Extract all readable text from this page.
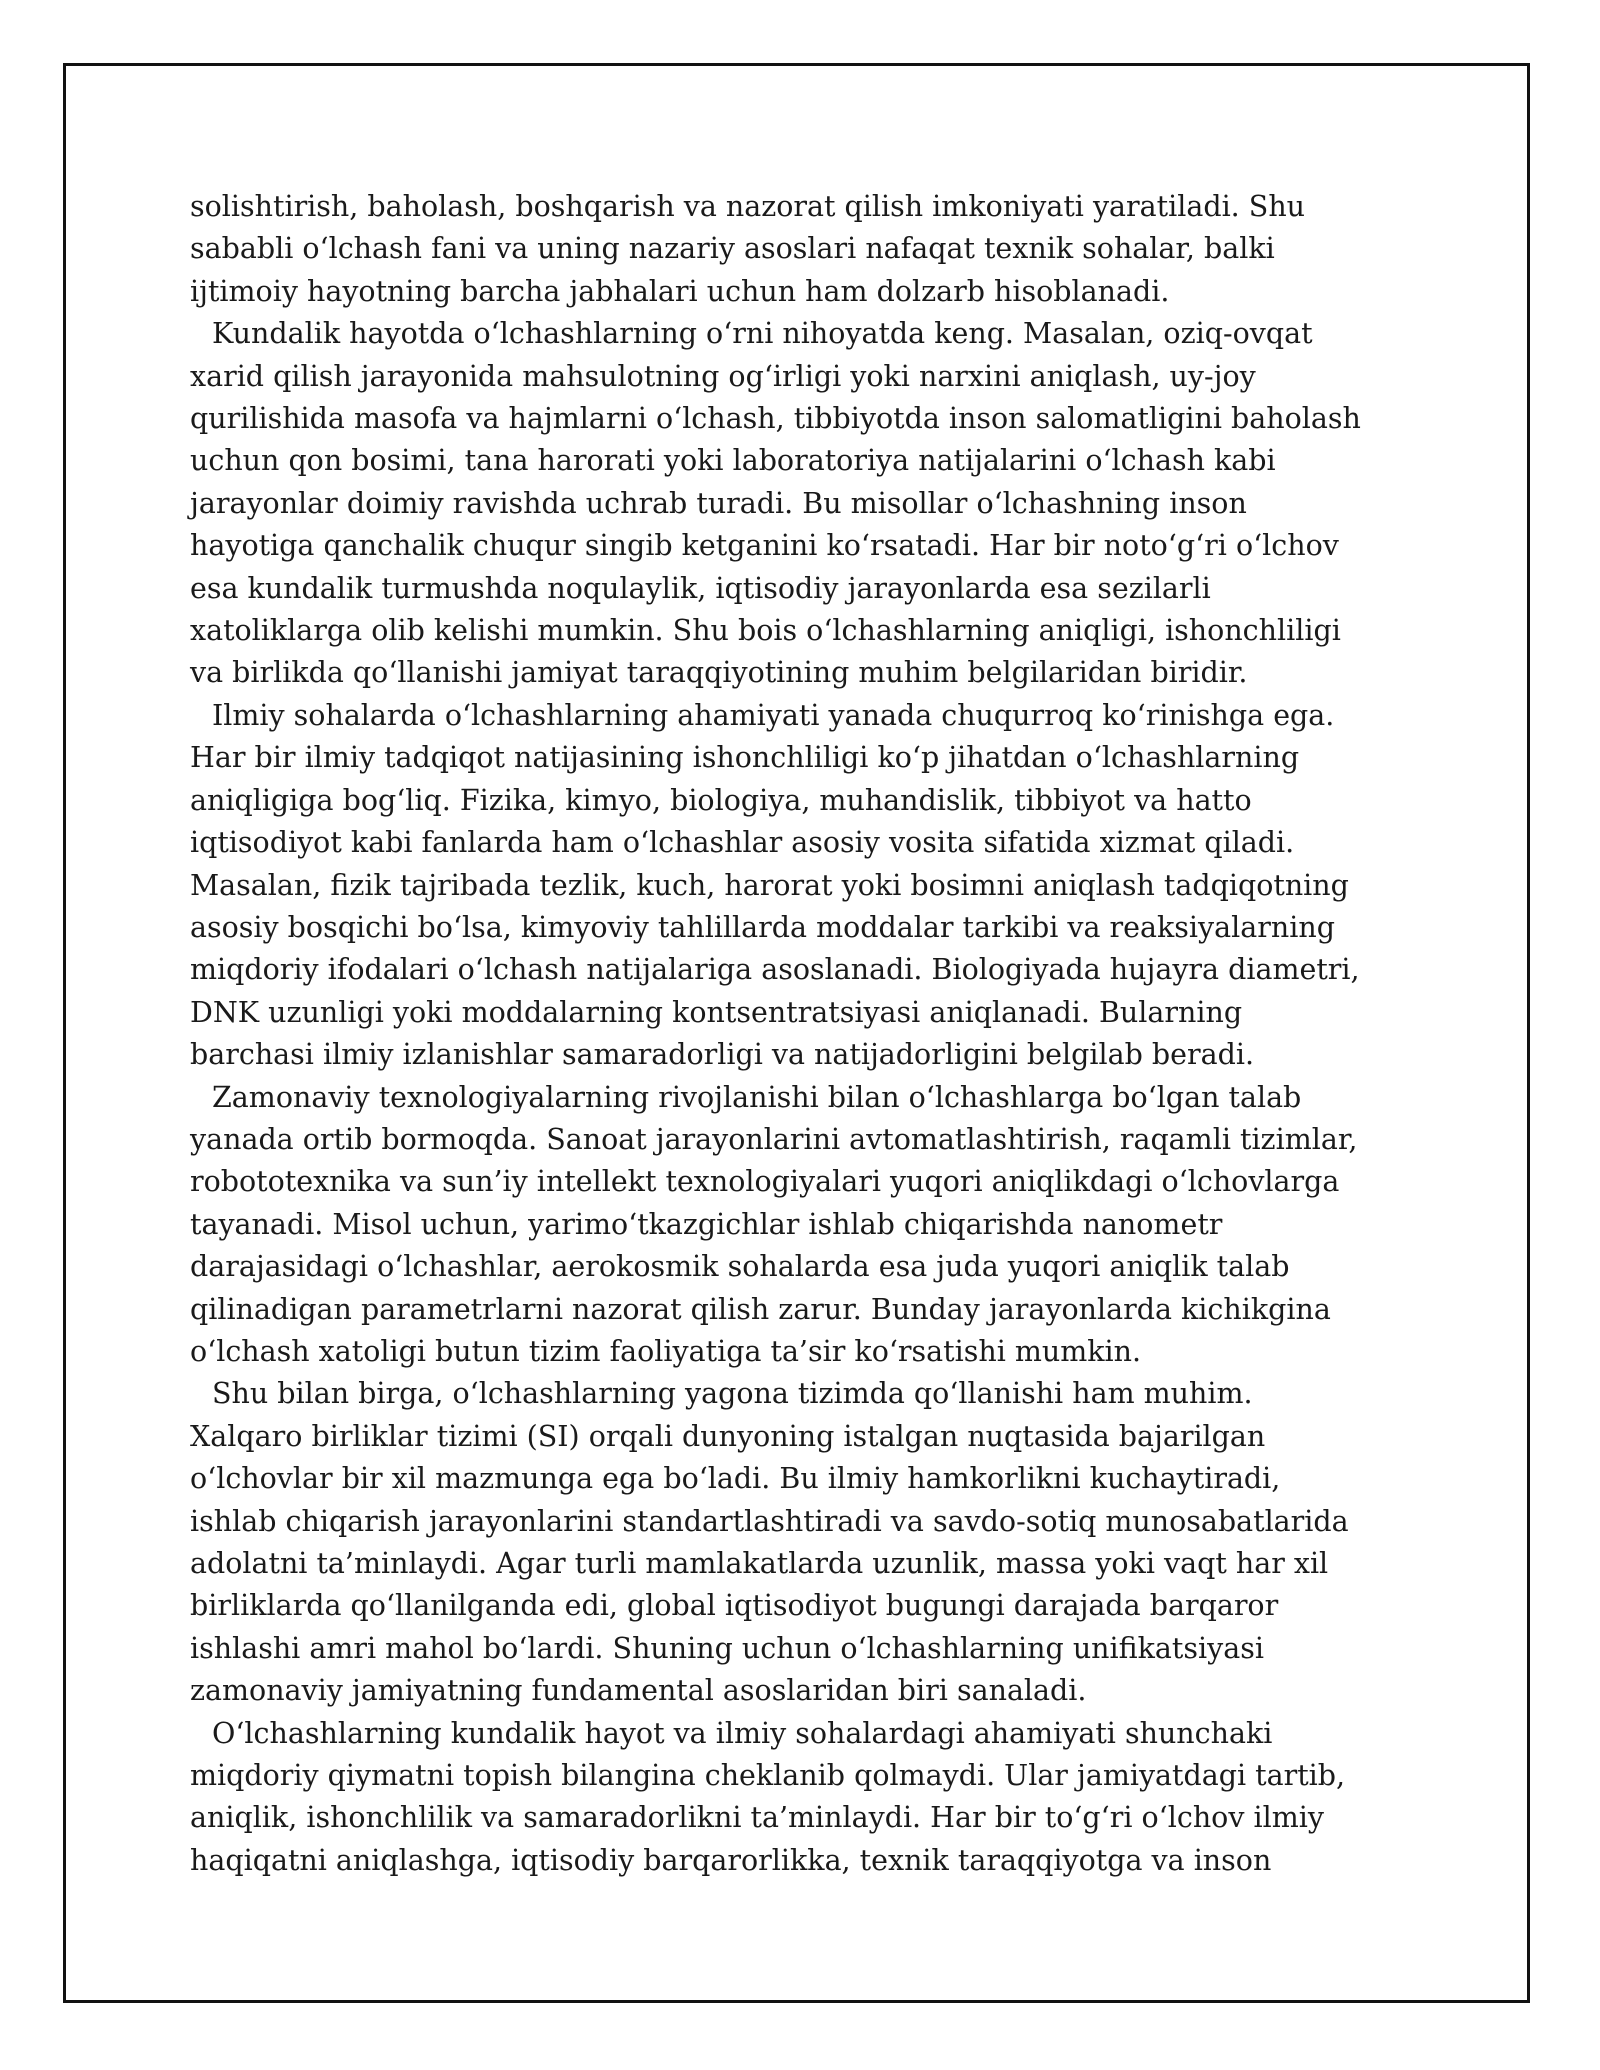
solishtirish, baholash, boshqarish va nazorat qilish imkoniyati yaratiladi. Shu
sababli o‘lchash fani va uning nazariy asoslari nafaqat texnik sohalar, balki
ijtimoiy hayotning barcha jabhalari uchun ham dolzarb hisoblanadi.
Kundalik hayotda o‘lchashlarning o‘rni nihoyatda keng. Masalan, oziq-ovqat
xarid qilish jarayonida mahsulotning og‘irligi yoki narxini aniqlash, uy-joy
qurilishida masofa va hajmlarni o‘lchash, tibbiyotda inson salomatligini baholash
uchun qon bosimi, tana harorati yoki laboratoriya natijalarini o‘lchash kabi
jarayonlar doimiy ravishda uchrab turadi. Bu misollar o‘lchashning inson
hayotiga qanchalik chuqur singib ketganini ko‘rsatadi. Har bir noto‘g‘ri o‘lchov
esa kundalik turmushda noqulaylik, iqtisodiy jarayonlarda esa sezilarli
xatoliklarga olib kelishi mumkin. Shu bois o‘lchashlarning aniqligi, ishonchliligi
va birlikda qo‘llanishi jamiyat taraqqiyotining muhim belgilaridan biridir.
Ilmiy sohalarda o‘lchashlarning ahamiyati yanada chuqurroq ko‘rinishga ega.
Har bir ilmiy tadqiqot natijasining ishonchliligi ko‘p jihatdan o‘lchashlarning
aniqligiga bog‘liq. Fizika, kimyo, biologiya, muhandislik, tibbiyot va hatto
iqtisodiyot kabi fanlarda ham o‘lchashlar asosiy vosita sifatida xizmat qiladi.
Masalan, fizik tajribada tezlik, kuch, harorat yoki bosimni aniqlash tadqiqotning
asosiy bosqichi bo‘lsa, kimyoviy tahlillarda moddalar tarkibi va reaksiyalarning
miqdoriy ifodalari o‘lchash natijalariga asoslanadi. Biologiyada hujayra diametri,
DNK uzunligi yoki moddalarning kontsentratsiyasi aniqlanadi. Bularning
barchasi ilmiy izlanishlar samaradorligi va natijadorligini belgilab beradi.
Zamonaviy texnologiyalarning rivojlanishi bilan o‘lchashlarga bo‘lgan talab
yanada ortib bormoqda. Sanoat jarayonlarini avtomatlashtirish, raqamli tizimlar,
robototexnika va sun’iy intellekt texnologiyalari yuqori aniqlikdagi o‘lchovlarga
tayanadi. Misol uchun, yarimo‘tkazgichlar ishlab chiqarishda nanometr
darajasidagi o‘lchashlar, aerokosmik sohalarda esa juda yuqori aniqlik talab
qilinadigan parametrlarni nazorat qilish zarur. Bunday jarayonlarda kichikgina
o‘lchash xatoligi butun tizim faoliyatiga ta’sir ko‘rsatishi mumkin.
Shu bilan birga, o‘lchashlarning yagona tizimda qo‘llanishi ham muhim.
Xalqaro birliklar tizimi (SI) orqali dunyoning istalgan nuqtasida bajarilgan
o‘lchovlar bir xil mazmunga ega bo‘ladi. Bu ilmiy hamkorlikni kuchaytiradi,
ishlab chiqarish jarayonlarini standartlashtiradi va savdo-sotiq munosabatlarida
adolatni ta’minlaydi. Agar turli mamlakatlarda uzunlik, massa yoki vaqt har xil
birliklarda qo‘llanilganda edi, global iqtisodiyot bugungi darajada barqaror
ishlashi amri mahol bo‘lardi. Shuning uchun o‘lchashlarning unifikatsiyasi
zamonaviy jamiyatning fundamental asoslaridan biri sanaladi.
O‘lchashlarning kundalik hayot va ilmiy sohalardagi ahamiyati shunchaki
miqdoriy qiymatni topish bilangina cheklanib qolmaydi. Ular jamiyatdagi tartib,
aniqlik, ishonchlilik va samaradorlikni ta’minlaydi. Har bir to‘g‘ri o‘lchov ilmiy
haqiqatni aniqlashga, iqtisodiy barqarorlikka, texnik taraqqiyotga va inson
